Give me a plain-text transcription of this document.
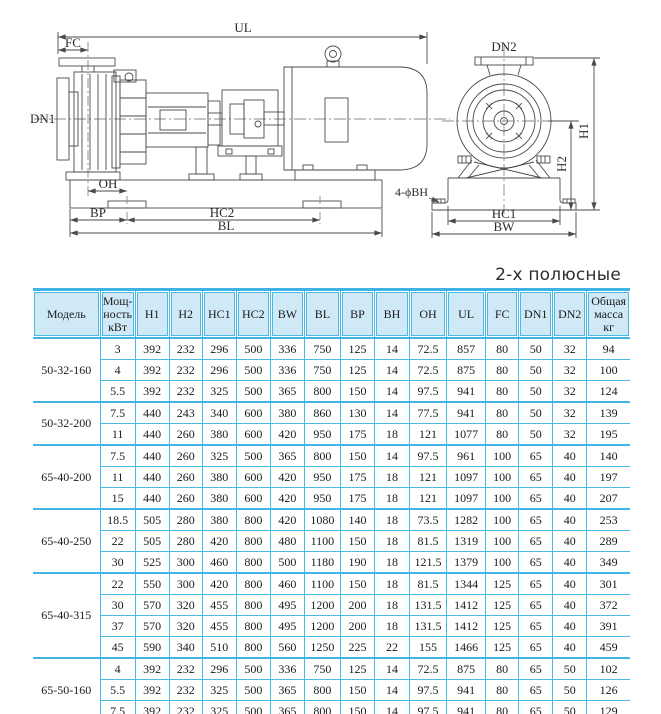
UL
FC
DN1
OH
BP	HC2
BL
DN2
HC1
BW
H1
H2
4-ϕBH
2-х полюсные
Модель	Мощ-
ность
кВт	H1	H2	HC1	HC2	BW	BL	BP	BH	OH	UL	FC	DN1	DN2	Общая
масса
кг
50-32-160	3	392	232	296	500	336	750	125	14	72.5	857	80	50	32	94
	4	392	232	296	500	336	750	125	14	72.5	875	80	50	32	100
	5.5	392	232	325	500	365	800	150	14	97.5	941	80	50	32	124
50-32-200	7.5	440	243	340	600	380	860	130	14	77.5	941	80	50	32	139
	11	440	260	380	600	420	950	175	18	121	1077	80	50	32	195
65-40-200	7.5	440	260	325	500	365	800	150	14	97.5	961	100	65	40	140
	11	440	260	380	600	420	950	175	18	121	1097	100	65	40	197
	15	440	260	380	600	420	950	175	18	121	1097	100	65	40	207
65-40-250	18.5	505	280	380	800	420	1080	140	18	73.5	1282	100	65	40	253
	22	505	280	420	800	480	1100	150	18	81.5	1319	100	65	40	289
	30	525	300	460	800	500	1180	190	18	121.5	1379	100	65	40	349
65-40-315	22	550	300	420	800	460	1100	150	18	81.5	1344	125	65	40	301
	30	570	320	455	800	495	1200	200	18	131.5	1412	125	65	40	372
	37	570	320	455	800	495	1200	200	18	131.5	1412	125	65	40	391
	45	590	340	510	800	560	1250	225	22	155	1466	125	65	40	459
65-50-160	4	392	232	296	500	336	750	125	14	72.5	875	80	65	50	102
	5.5	392	232	325	500	365	800	150	14	97.5	941	80	65	50	126
	7.5	392	232	325	500	365	800	150	14	97.5	941	80	65	50	129
